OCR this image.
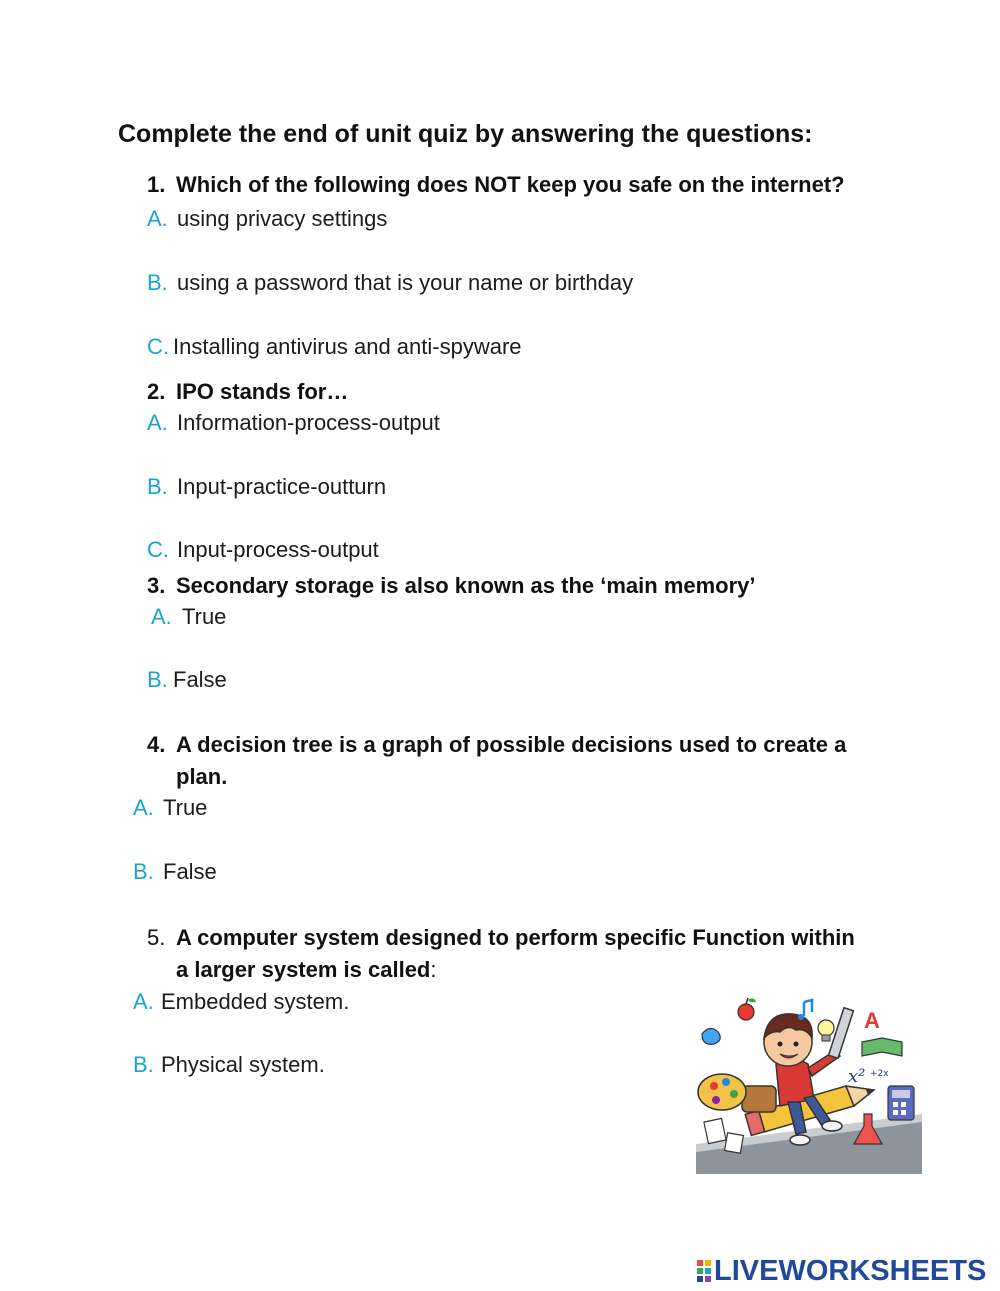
Complete the end of unit quiz by answering the questions:
1. Which of the following does NOT keep you safe on the internet?
A. using privacy settings
B. using a password that is your name or birthday
C. Installing antivirus and anti-spyware
2. IPO stands for…
A. Information-process-output
B. Input-practice-outturn
C. Input-process-output
3. Secondary storage is also known as the ‘main memory’
A. True
B. False
4. A decision tree is a graph of possible decisions used to create a
plan.
A. True
B. False
5. A computer system designed to perform specific Function within
a larger system is called:
A. Embedded system.
B. Physical system.
A
x² +2x
LIVEWORKSHEETS
